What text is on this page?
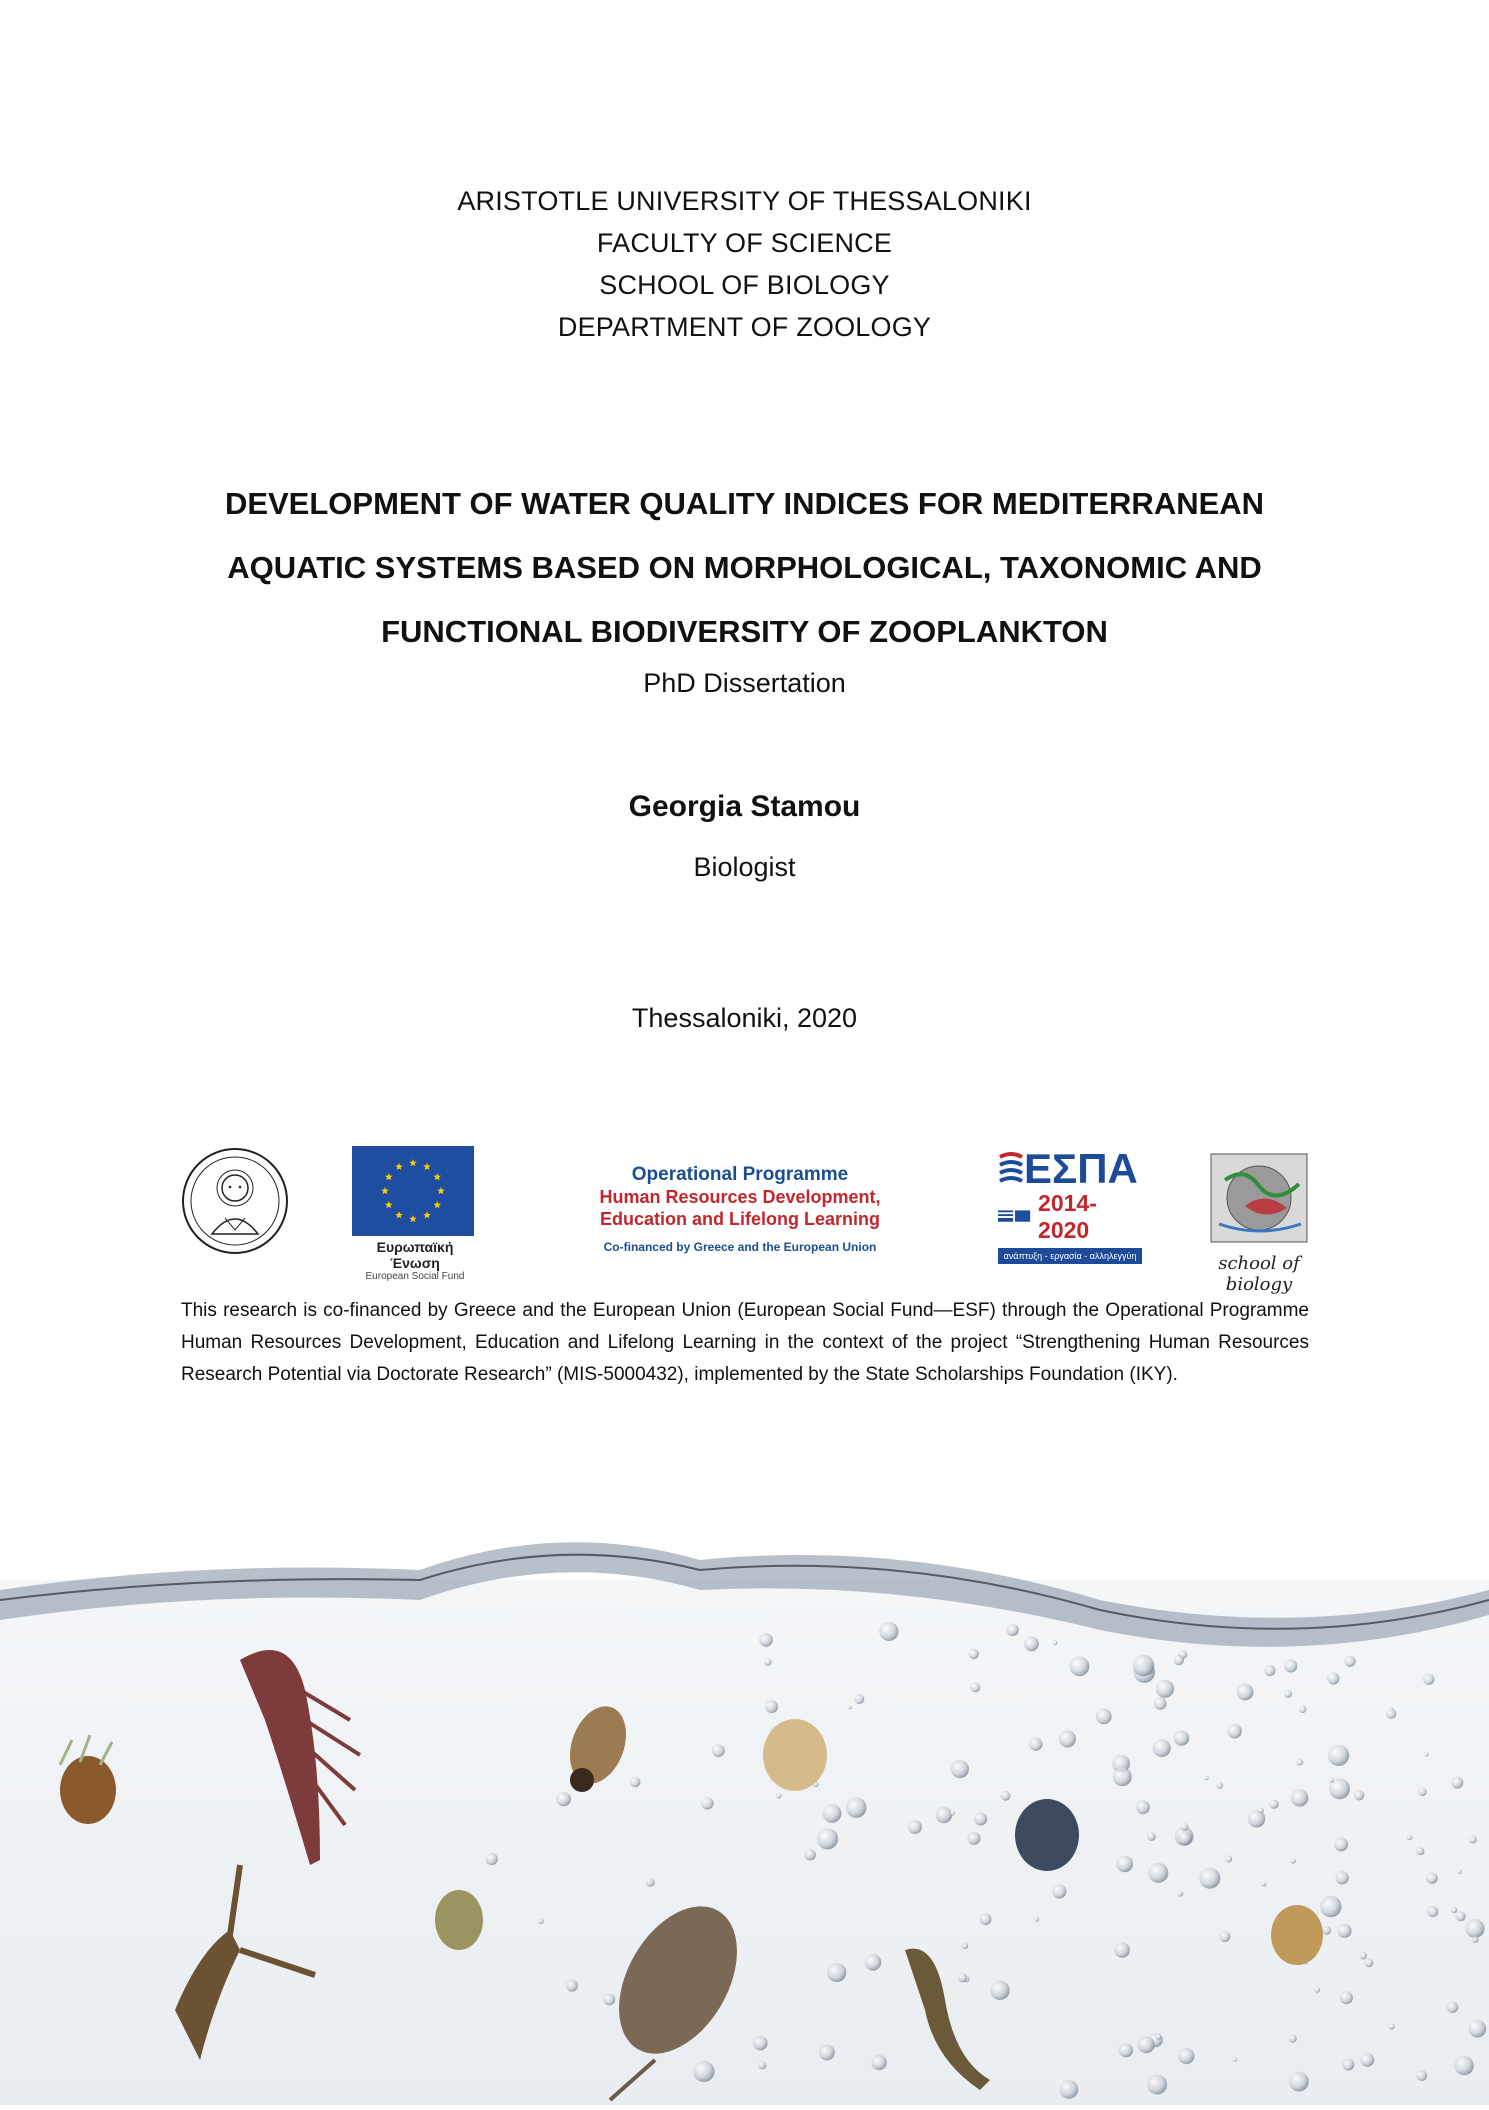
ARISTOTLE UNIVERSITY OF THESSALONIKI
FACULTY OF SCIENCE
SCHOOL OF BIOLOGY
DEPARTMENT OF ZOOLOGY
DEVELOPMENT OF WATER QUALITY INDICES FOR MEDITERRANEAN
AQUATIC SYSTEMS BASED ON MORPHOLOGICAL, TAXONOMIC AND
FUNCTIONAL BIODIVERSITY OF ZOOPLANKTON
PhD Dissertation
Georgia Stamou
Biologist
Thessaloniki, 2020
Ευρωπαϊκή Ένωση
European Social Fund
Operational Programme
Human Resources Development,
Education and Lifelong Learning
Co-financed by Greece and the European Union
ΕΣΠΑ
2014-2020
ανάπτυξη - εργασία - αλληλεγγύη	school of biology
This research is co-financed by Greece and the European Union (European Social Fund—ESF) through the Operational Programme Human Resources Development, Education and Lifelong Learning in the context of the project “Strengthening Human Resources Research Potential via Doctorate Research” (MIS-5000432), implemented by the State Scholarships Foundation (IKY).
